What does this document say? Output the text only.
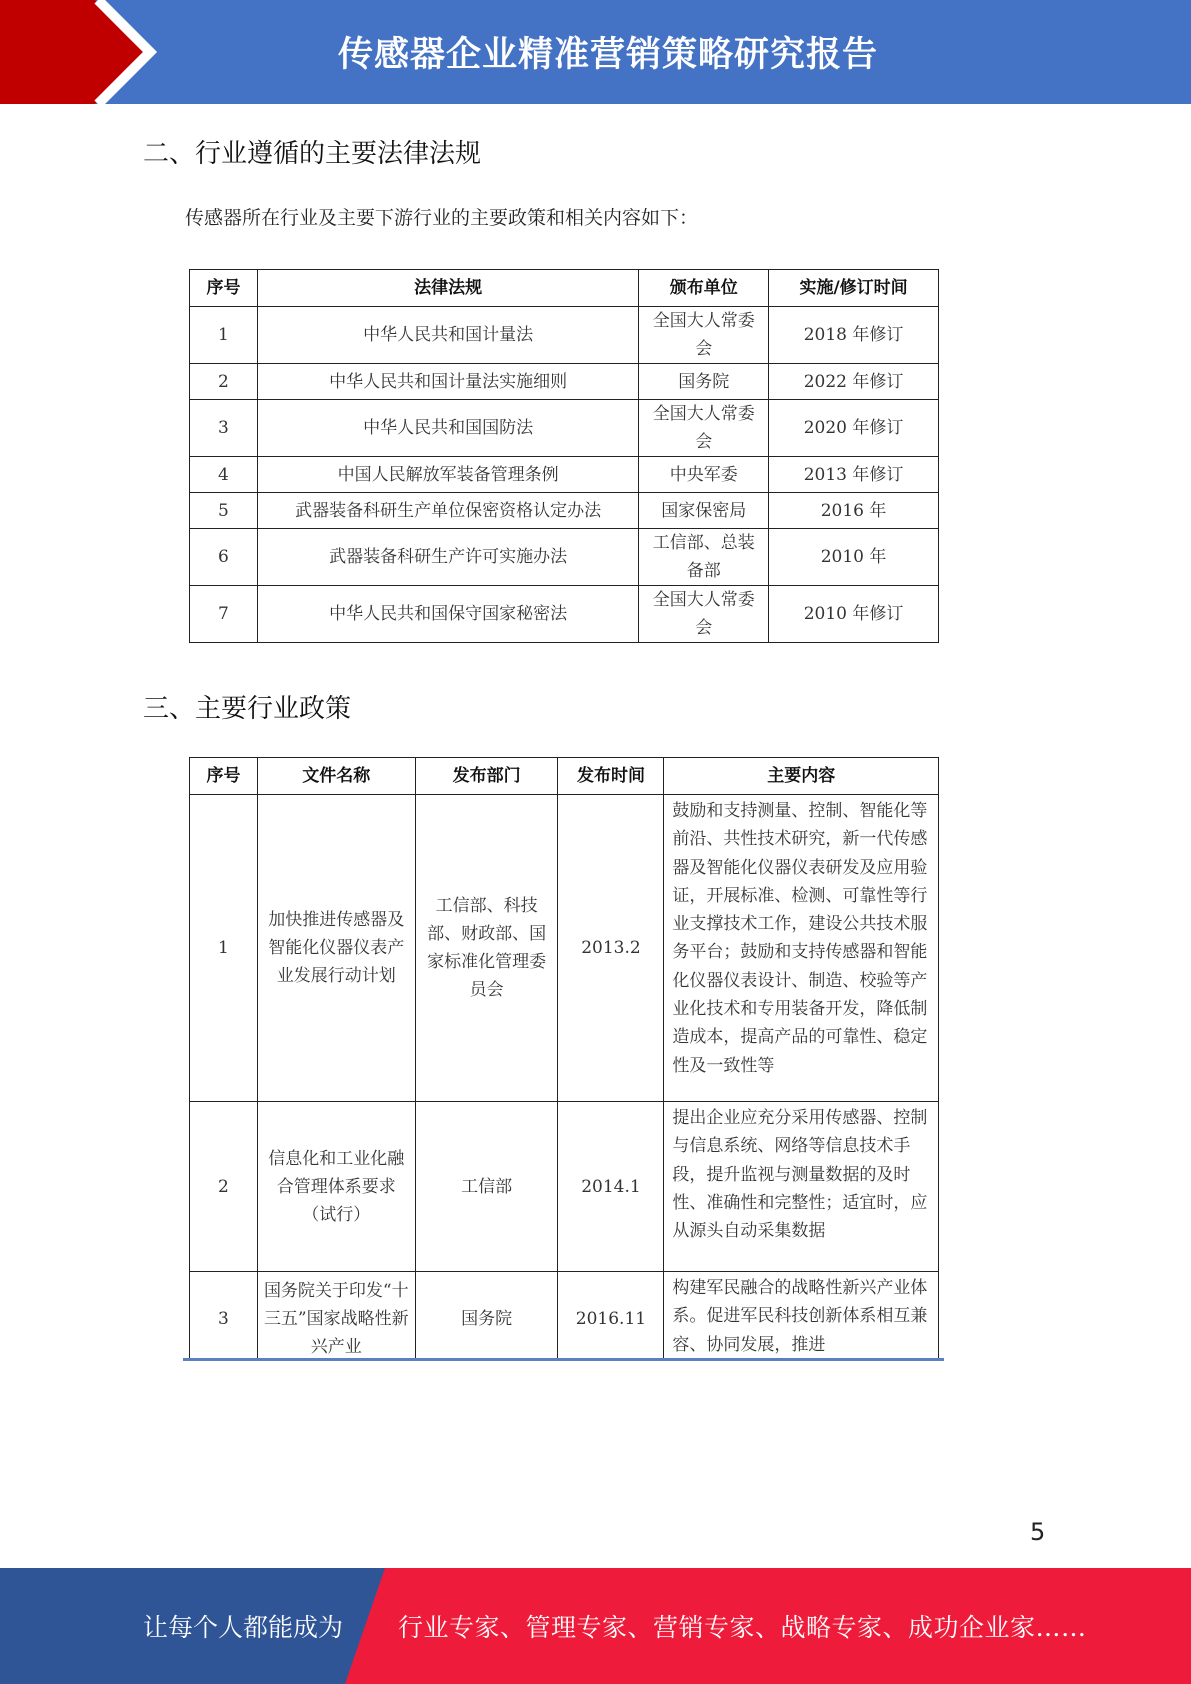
传感器企业精准营销策略研究报告
二、行业遵循的主要法律法规
传感器所在行业及主要下游行业的主要政策和相关内容如下：
序号	法律法规	颁布单位	实施/修订时间
1	中华人民共和国计量法	全国大人常委会	2018 年修订
2	中华人民共和国计量法实施细则	国务院	2022 年修订
3	中华人民共和国国防法	全国大人常委会	2020 年修订
4	中国人民解放军装备管理条例	中央军委	2013 年修订
5	武器装备科研生产单位保密资格认定办法	国家保密局	2016 年
6	武器装备科研生产许可实施办法	工信部、总装备部	2010 年
7	中华人民共和国保守国家秘密法	全国大人常委会	2010 年修订
三、主要行业政策
序号	文件名称	发布部门	发布时间	主要内容
1	加快推进传感器及智能化仪器仪表产业发展行动计划	工信部、科技部、财政部、国家标准化管理委员会	2013.2	鼓励和支持测量、控制、智能化等前沿、共性技术研究，新一代传感器及智能化仪器仪表研发及应用验证，开展标准、检测、可靠性等行业支撑技术工作，建设公共技术服务平台；鼓励和支持传感器和智能化仪器仪表设计、制造、校验等产业化技术和专用装备开发，降低制造成本，提高产品的可靠性、稳定性及一致性等
2	信息化和工业化融合管理体系要求（试行）	工信部	2014.1	提出企业应充分采用传感器、控制与信息系统、网络等信息技术手段，提升监视与测量数据的及时性、准确性和完整性；适宜时，应从源头自动采集数据
3	国务院关于印发“十三五”国家战略性新兴产业	国务院	2016.11	构建军民融合的战略性新兴产业体系。促进军民科技创新体系相互兼容、协同发展，推进
5
让每个人都能成为 行业专家、管理专家、营销专家、战略专家、成功企业家……
